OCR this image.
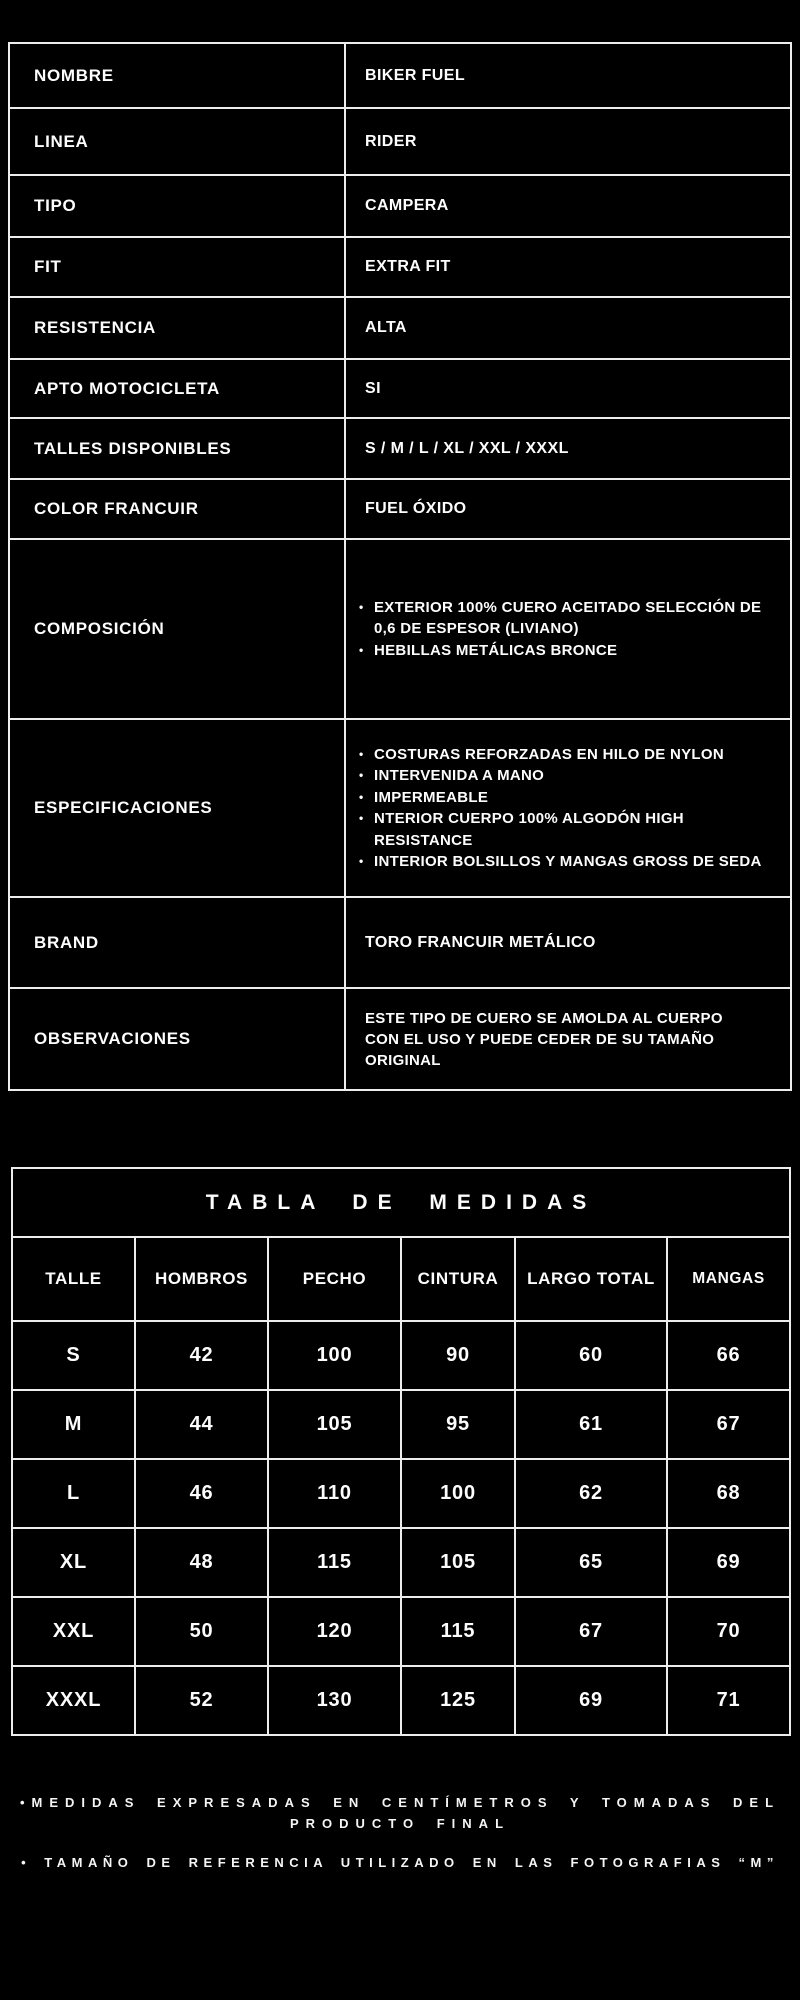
NOMBRE	BIKER FUEL
LINEA	RIDER
TIPO	CAMPERA
FIT	EXTRA FIT
RESISTENCIA	ALTA
APTO MOTOCICLETA	SI
TALLES DISPONIBLES	S / M / L / XL / XXL / XXXL
COLOR FRANCUIR	FUEL ÓXIDO
COMPOSICIÓN	
• EXTERIOR 100% CUERO ACEITADO SELECCIÓN DE 0,6 DE ESPESOR (LIVIANO)
• HEBILLAS METÁLICAS BRONCE

ESPECIFICACIONES	
• COSTURAS REFORZADAS EN HILO DE NYLON
• INTERVENIDA A MANO
• IMPERMEABLE
• NTERIOR CUERPO 100% ALGODÓN HIGH RESISTANCE
• INTERIOR BOLSILLOS Y MANGAS GROSS DE SEDA

BRAND	TORO FRANCUIR METÁLICO
OBSERVACIONES	ESTE TIPO DE CUERO SE AMOLDA AL CUERPO CON EL USO Y PUEDE CEDER DE SU TAMAÑO ORIGINAL
TABLA DE MEDIDAS					
TALLE	HOMBROS	PECHO	CINTURA	LARGO TOTAL	MANGAS
S	42	100	90	60	66
M	44	105	95	61	67
L	46	110	100	62	68
XL	48	115	105	65	69
XXL	50	120	115	67	70
XXXL	52	130	125	69	71
•MEDIDAS EXPRESADAS EN CENTÍMETROS Y TOMADAS DEL PRODUCTO FINAL
• TAMAÑO DE REFERENCIA UTILIZADO EN LAS FOTOGRAFIAS “M”
